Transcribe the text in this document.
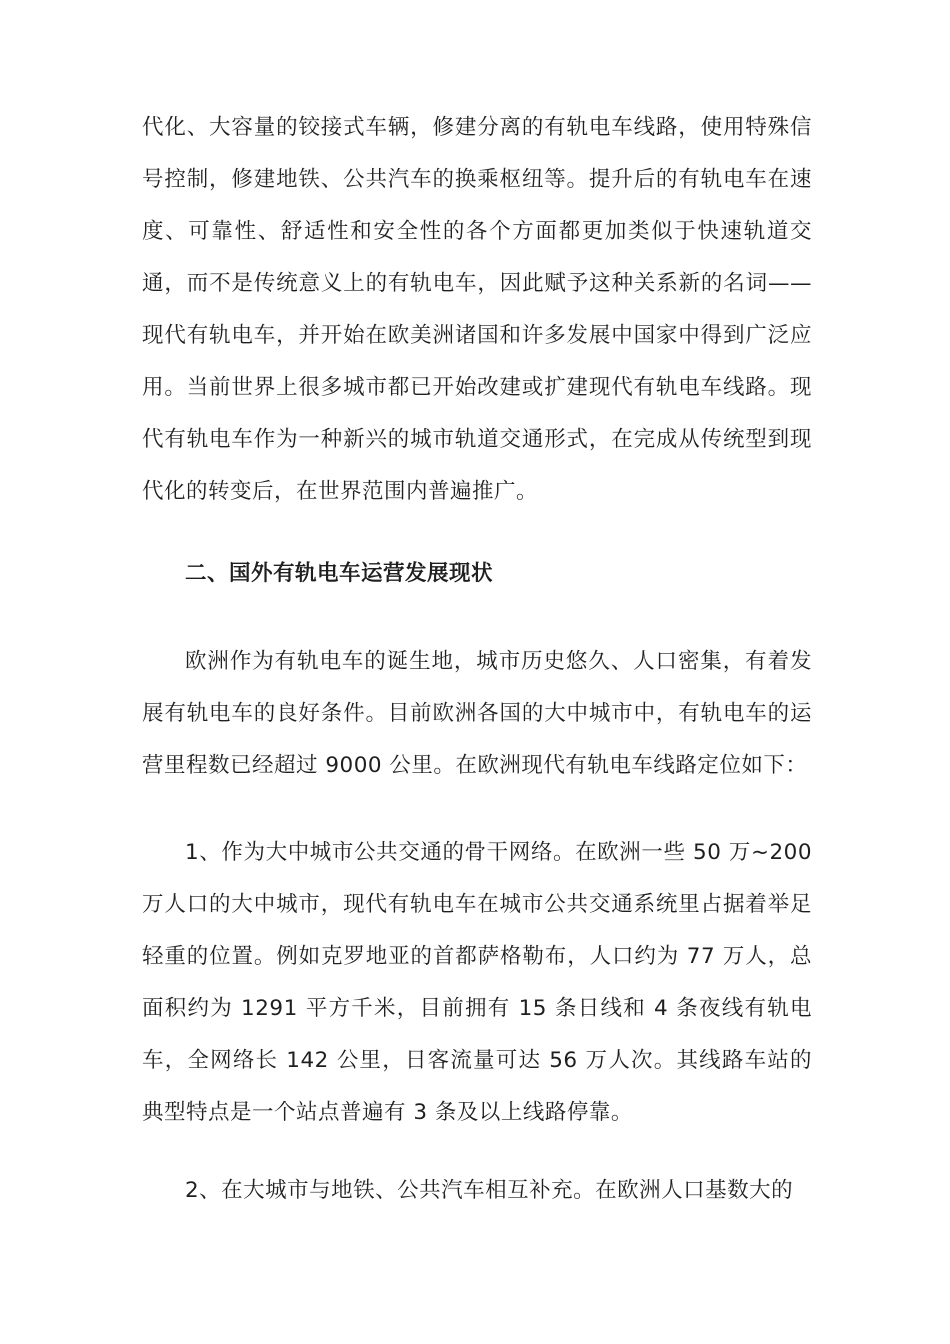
代化、大容量的铰接式车辆，修建分离的有轨电车线路，使用特殊信号控制，修建地铁、公共汽车的换乘枢纽等。提升后的有轨电车在速度、可靠性、舒适性和安全性的各个方面都更加类似于快速轨道交通，而不是传统意义上的有轨电车，因此赋予这种关系新的名词——现代有轨电车，并开始在欧美洲诸国和许多发展中国家中得到广泛应用。当前世界上很多城市都已开始改建或扩建现代有轨电车线路。现代有轨电车作为一种新兴的城市轨道交通形式，在完成从传统型到现代化的转变后，在世界范围内普遍推广。

二、国外有轨电车运营发展现状

欧洲作为有轨电车的诞生地，城市历史悠久、人口密集，有着发展有轨电车的良好条件。目前欧洲各国的大中城市中，有轨电车的运营里程数已经超过 9000 公里。在欧洲现代有轨电车线路定位如下：

1、作为大中城市公共交通的骨干网络。在欧洲一些 50 万~200 万人口的大中城市，现代有轨电车在城市公共交通系统里占据着举足轻重的位置。例如克罗地亚的首都萨格勒布，人口约为 77 万人，总面积约为 1291 平方千米，目前拥有 15 条日线和 4 条夜线有轨电车，全网络长 142 公里，日客流量可达 56 万人次。其线路车站的典型特点是一个站点普遍有 3 条及以上线路停靠。

2、在大城市与地铁、公共汽车相互补充。在欧洲人口基数大的
